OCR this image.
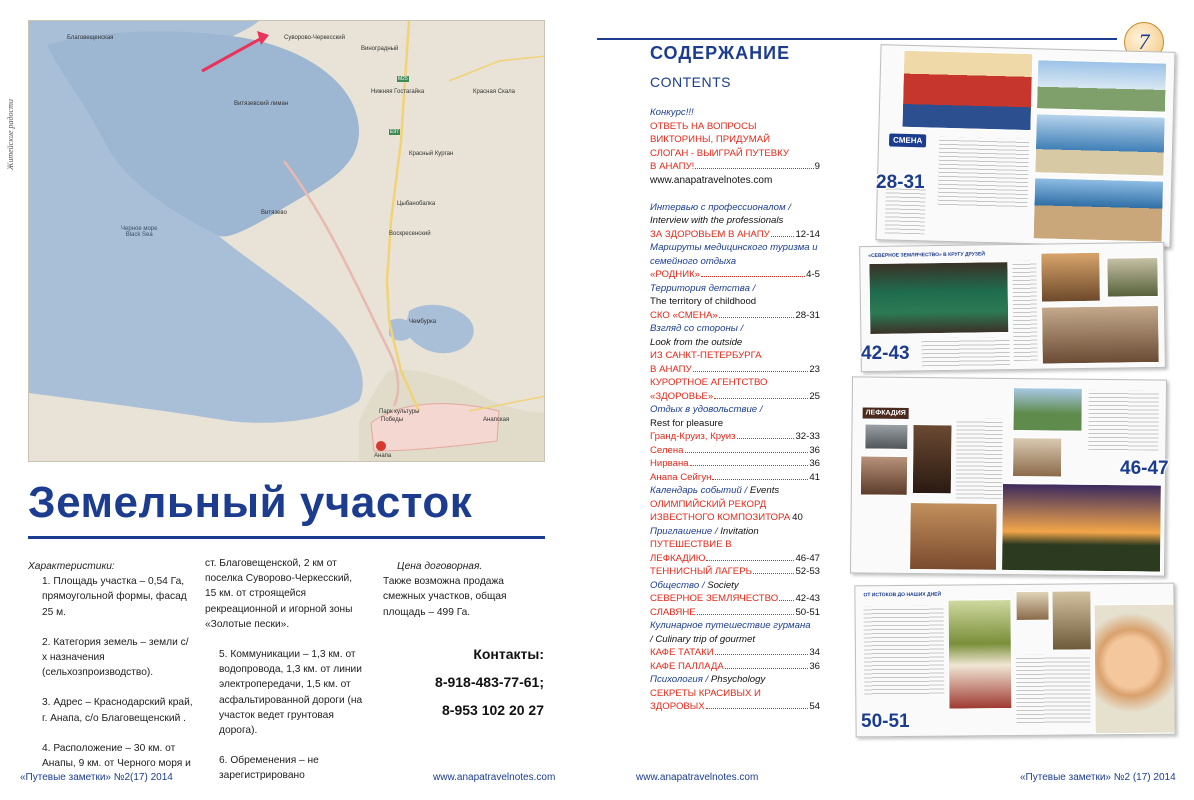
Житейские радости
Благовещенская	Суворово-Черкесский
Виноградный
Витязевский лиман
Нижняя Гостагайка	Красная Скала
Красный Курган
Витязево
Цыбанобалка
Воскресенский
Черное море
Black Sea
Чембурка
Анапа
Анапская
Парк культуры
Победы
M25
E97
Земельный участок

Характеристики:

1. Площадь участка – 0,54 Га, прямоугольной формы, фасад 25 м.

2. Категория земель – земли с/х назначения (сельхозпроизводство).

3. Адрес – Краснодарский край, г. Анапа, с/о Благовещенский .

4. Расположение – 30 км. от Анапы, 9 км. от Черного моря и

ст. Благовещенской, 2 км от поселка Суворово-Черкесский, 15 км. от строящейся рекреационной и игорной зоны «Золотые пески».

5. Коммуникации – 1,3 км. от водопровода, 1,3 км. от линии электропередачи, 1,5 км. от асфальтированной дороги (на участок ведет грунтовая дорога).

6. Обременения – не зарегистрировано

Цена договорная.

Также возможна продажа смежных участков, общая площадь – 499 Га.

Контакты:
8-918-483-77-61;
8-953 102 20 27
«Путевые заметки» №2(17) 2014	www.anapatravelnotes.com
7
СОДЕРЖАНИЕ
CONTENTS
Конкурс!!!
ОТВЕТЬ НА ВОПРОСЫ
ВИКТОРИНЫ, ПРИДУМАЙ
СЛОГАН - ВЫИГРАЙ ПУТЕВКУ
В АНАПУ!	9
www.anapatravelnotes.com
Интервью с профессионалом /
Interview with the professionals
ЗА ЗДОРОВЬЕМ В АНАПУ	12-14
Маршруты медицинского туризма и семейного отдыха
«РОДНИК»	4-5
Территория детства /
The territory of childhood
СКО «СМЕНА»	28-31
Взгляд со стороны /
Look from the outside
ИЗ САНКТ-ПЕТЕРБУРГА
В АНАПУ	23
КУРОРТНОЕ АГЕНТСТВО
«ЗДОРОВЬЕ»	25
Отдых в удовольствие /
Rest for pleasure
Гранд-Круиз, Круиз	32-33
Селена	36
Нирвана	36
Анапа Сейгун	41
Календарь событий / Events
ОЛИМПИЙСКИЙ РЕКОРД
ИЗВЕСТНОГО КОМПОЗИТОРА 40
Приглашение / Invitation
ПУТЕШЕСТВИЕ В
ЛЕФКАДИЮ	46-47
ТЕННИСНЫЙ ЛАГЕРЬ	52-53
Общество / Society
СЕВЕРНОЕ ЗЕМЛЯЧЕСТВО 42-43
СЛАВЯНЕ	50-51
Кулинарное путешествие гурмана
/ Culinary trip of gourmet
КАФЕ ТАТАКИ	34
КАФЕ ПАЛЛАДА	36
Психология / Phsychology
СЕКРЕТЫ КРАСИВЫХ И
ЗДОРОВЫХ	54
СМЕНА
28-31
«СЕВЕРНОЕ ЗЕМЛЯЧЕСТВО» В КРУГУ ДРУЗЕЙ
42-43
ЛЕФКАДИЯ
46-47
ОТ ИСТОКОВ ДО НАШИХ ДНЕЙ
50-51
www.anapatravelnotes.com	«Путевые заметки» №2 (17) 2014
